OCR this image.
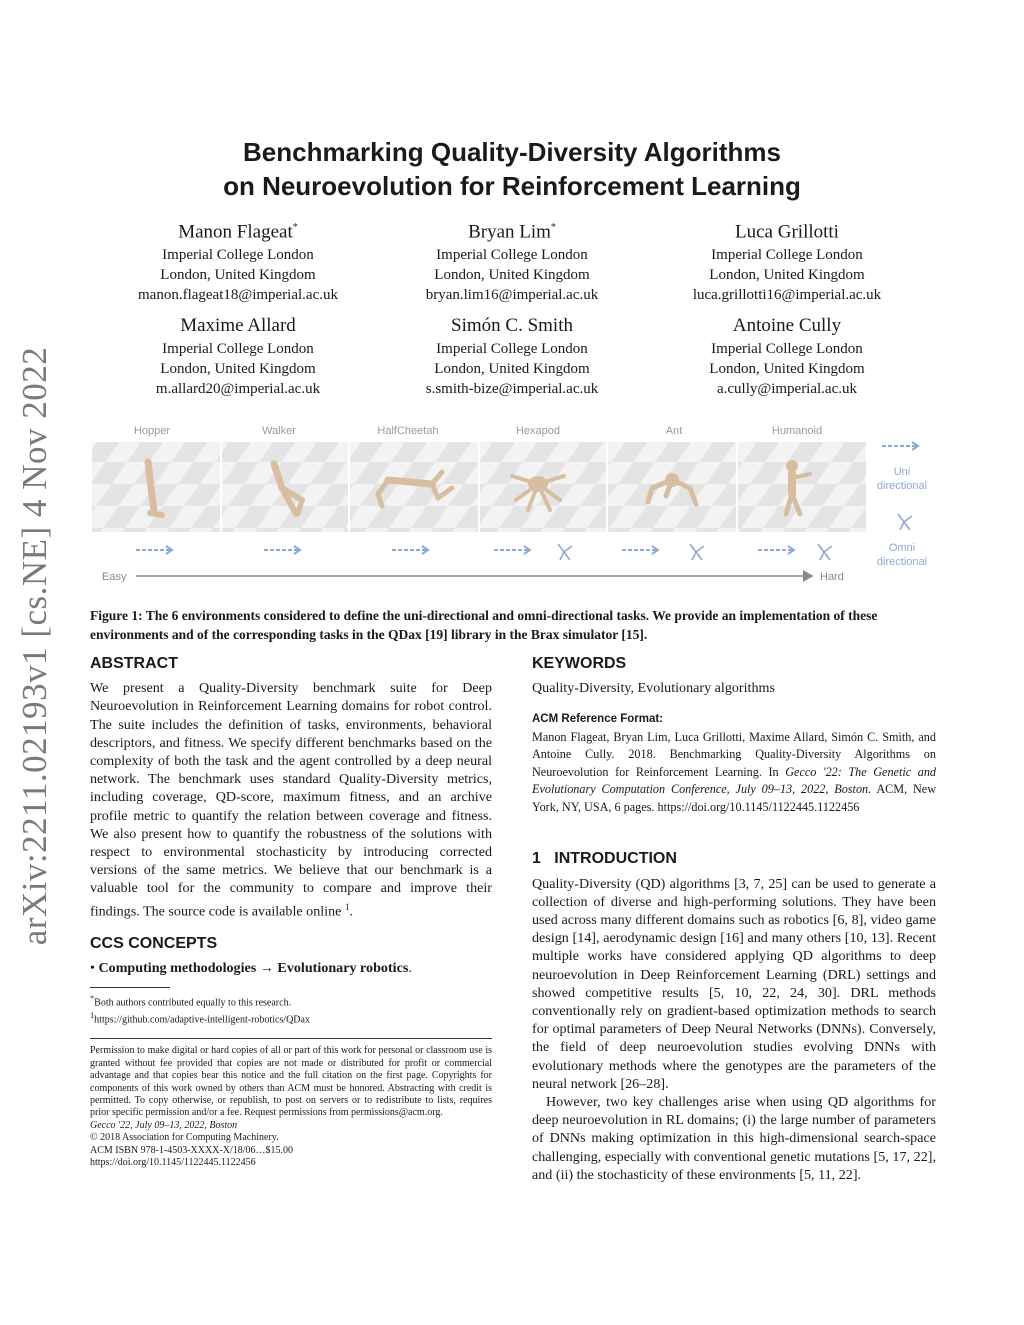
arXiv:2211.02193v1 [cs.NE] 4 Nov 2022
Benchmarking Quality-Diversity Algorithms
on Neuroevolution for Reinforcement Learning
Manon Flageat*
Imperial College London
London, United Kingdom
manon.flageat18@imperial.ac.uk
Bryan Lim*
Imperial College London
London, United Kingdom
bryan.lim16@imperial.ac.uk
Luca Grillotti
Imperial College London
London, United Kingdom
luca.grillotti16@imperial.ac.uk
Maxime Allard
Imperial College London
London, United Kingdom
m.allard20@imperial.ac.uk
Simón C. Smith
Imperial College London
London, United Kingdom
s.smith-bize@imperial.ac.uk
Antoine Cully
Imperial College London
London, United Kingdom
a.cully@imperial.ac.uk
Hopper	Walker	HalfCheetah	Hexapod	Ant	Humanoid
Uni
directional
Omni
directional
Easy	Hard
Figure 1: The 6 environments considered to define the uni-directional and omni-directional tasks. We provide an implementation of these environments and of the corresponding tasks in the QDax [19] library in the Brax simulator [15].

ABSTRACT

We present a Quality-Diversity benchmark suite for Deep Neuroevolution in Reinforcement Learning domains for robot control. The suite includes the definition of tasks, environments, behavioral descriptors, and fitness. We specify different benchmarks based on the complexity of both the task and the agent controlled by a deep neural network. The benchmark uses standard Quality-Diversity metrics, including coverage, QD-score, maximum fitness, and an archive profile metric to quantify the relation between coverage and fitness. We also present how to quantify the robustness of the solutions with respect to environmental stochasticity by introducing corrected versions of the same metrics. We believe that our benchmark is a valuable tool for the community to compare and improve their findings. The source code is available online $^1$.

CCS CONCEPTS

• Computing methodologies → Evolutionary robotics.

*Both authors contributed equally to this research.
$^1$https://github.com/adaptive-intelligent-robotics/QDax
Permission to make digital or hard copies of all or part of this work for personal or classroom use is granted without fee provided that copies are not made or distributed for profit or commercial advantage and that copies bear this notice and the full citation on the first page. Copyrights for components of this work owned by others than ACM must be honored. Abstracting with credit is permitted. To copy otherwise, or republish, to post on servers or to redistribute to lists, requires prior specific permission and/or a fee. Request permissions from permissions@acm.org.
Gecco '22, July 09–13, 2022, Boston
© 2018 Association for Computing Machinery.
ACM ISBN 978-1-4503-XXXX-X/18/06…$15.00
https://doi.org/10.1145/1122445.1122456

KEYWORDS

Quality-Diversity, Evolutionary algorithms

ACM Reference Format:
Manon Flageat, Bryan Lim, Luca Grillotti, Maxime Allard, Simón C. Smith, and Antoine Cully. 2018. Benchmarking Quality-Diversity Algorithms on Neuroevolution for Reinforcement Learning. In Gecco '22: The Genetic and Evolutionary Computation Conference, July 09–13, 2022, Boston. ACM, New York, NY, USA, 6 pages. https://doi.org/10.1145/1122445.1122456

1 INTRODUCTION

Quality-Diversity (QD) algorithms [3, 7, 25] can be used to generate a collection of diverse and high-performing solutions. They have been used across many different domains such as robotics [6, 8], video game design [14], aerodynamic design [16] and many others [10, 13]. Recent multiple works have considered applying QD algorithms to deep neuroevolution in Deep Reinforcement Learning (DRL) settings and showed competitive results [5, 10, 22, 24, 30]. DRL methods conventionally rely on gradient-based optimization methods to search for optimal parameters of Deep Neural Networks (DNNs). Conversely, the field of deep neuroevolution studies evolving DNNs with evolutionary methods where the genotypes are the parameters of the neural network [26–28].

However, two key challenges arise when using QD algorithms for deep neuroevolution in RL domains; (i) the large number of parameters of DNNs making optimization in this high-dimensional search-space challenging, especially with conventional genetic mutations [5, 17, 22], and (ii) the stochasticity of these environments [5, 11, 22].
